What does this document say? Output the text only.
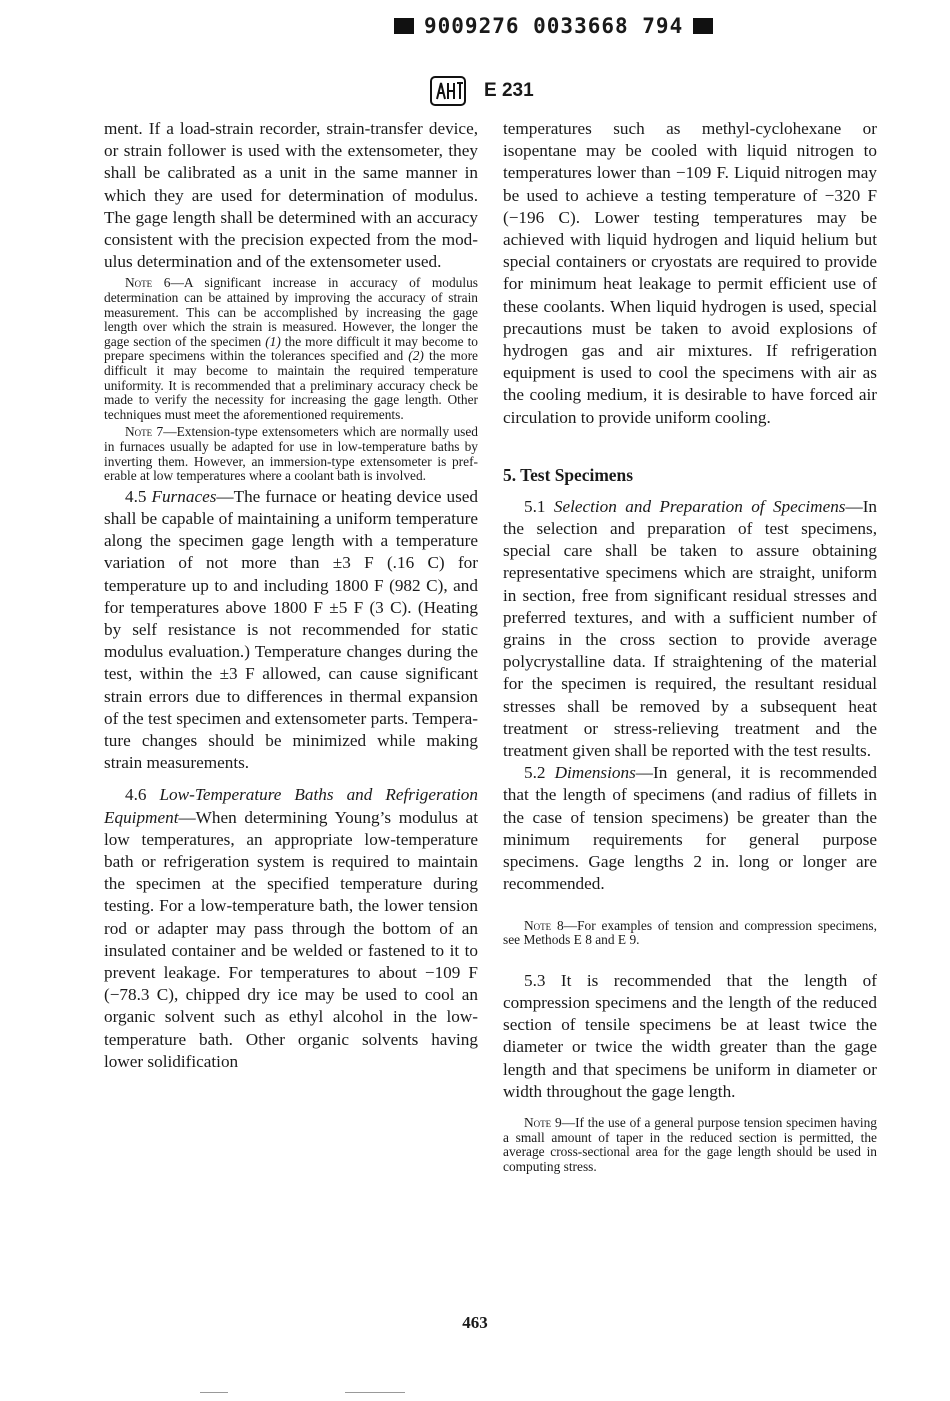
9009276 0033668 794
E 231

ment. If a load-strain recorder, strain-transfer device, or strain follower is used with the extensometer, they shall be calibrated as a unit in the same manner in which they are used for determination of modulus. The gage length shall be determined with an accuracy consistent with the precision expected from the modulus determination and of the extensometer used.

Note 6—A significant increase in accuracy of modulus determination can be attained by improving the accuracy of strain measurement. This can be accomplished by increasing the gage length over which the strain is measured. However, the longer the gage section of the specimen (1) the more difficult it may become to prepare specimens within the tolerances specified and (2) the more difficult it may become to maintain the required temperature uniformity. It is recommended that a preliminary accuracy check be made to verify the necessity for increasing the gage length. Other techniques must meet the aforementioned requirements.

Note 7—Extension-type extensometers which are normally used in furnaces usually be adapted for use in low-temperature baths by inverting them. However, an immersion-type extensometer is preferable at low temperatures where a coolant bath is involved.

4.5 Furnaces—The furnace or heating device used shall be capable of maintaining a uniform temperature along the specimen gage length with a temperature variation of not more than ±3 F (.16 C) for temperature up to and including 1800 F (982 C), and for temperatures above 1800 F ±5 F (3 C). (Heating by self resistance is not recommended for static modulus evaluation.) Temperature changes during the test, within the ±3 F allowed, can cause significant strain errors due to differences in thermal expansion of the test specimen and extensometer parts. Temperature changes should be minimized while making strain measurements.

4.6 Low-Temperature Baths and Refrigeration Equipment—When determining Young’s modulus at low temperatures, an appropriate low-temperature bath or refrigeration system is required to maintain the specimen at the specified temperature during testing. For a low-temperature bath, the lower tension rod or adapter may pass through the bottom of an insulated container and be welded or fastened to it to prevent leakage. For temperatures to about −109 F (−78.3 C), chipped dry ice may be used to cool an organic solvent such as ethyl alcohol in the low-temperature bath. Other organic solvents having lower solidification

temperatures such as methyl-cyclohexane or isopentane may be cooled with liquid nitrogen to temperatures lower than −109 F. Liquid nitrogen may be used to achieve a testing temperature of −320 F (−196 C). Lower testing temperatures may be achieved with liquid hydrogen and liquid helium but special containers or cryostats are required to provide for minimum heat leakage to permit efficient use of these coolants. When liquid hydrogen is used, special precautions must be taken to avoid explosions of hydrogen gas and air mixtures. If refrigeration equipment is used to cool the specimens with air as the cooling medium, it is desirable to have forced air circulation to provide uniform cooling.

5. Test Specimens

5.1 Selection and Preparation of Specimens—In the selection and preparation of test specimens, special care shall be taken to assure obtaining representative specimens which are straight, uniform in section, free from significant residual stresses and preferred textures, and with a sufficient number of grains in the cross section to provide average polycrystalline data. If straightening of the material for the specimen is required, the resultant residual stresses shall be removed by a subsequent heat treatment or stress-relieving treatment and the treatment given shall be reported with the test results.

5.2 Dimensions—In general, it is recommended that the length of specimens (and radius of fillets in the case of tension specimens) be greater than the minimum requirements for general purpose specimens. Gage lengths 2 in. long or longer are recommended.

Note 8—For examples of tension and compression specimens, see Methods E 8 and E 9.

5.3 It is recommended that the length of compression specimens and the length of the reduced section of tensile specimens be at least twice the diameter or twice the width greater than the gage length and that specimens be uniform in diameter or width throughout the gage length.

Note 9—If the use of a general purpose tension specimen having a small amount of taper in the reduced section is permitted, the average cross-sectional area for the gage length should be used in computing stress.

463
